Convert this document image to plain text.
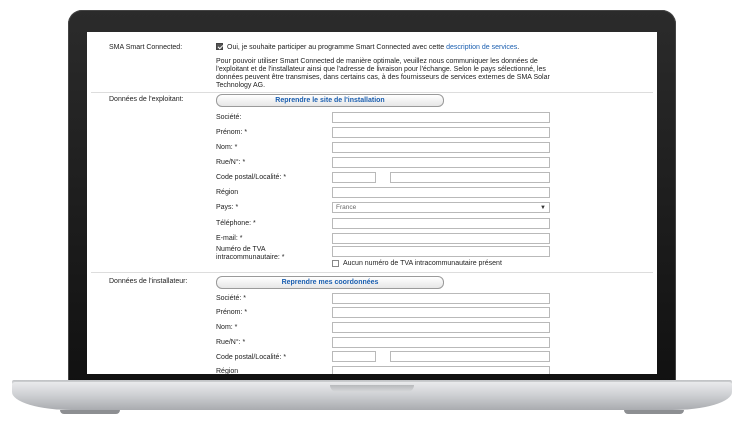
SMA Smart Connected:	Oui, je souhaite participer au programme Smart Connected avec cette description de services.
Pour pouvoir utiliser Smart Connected de manière optimale, veuillez nous communiquer les données de l'exploitant et de l'installateur ainsi que l'adresse de livraison pour l'échange. Selon le pays sélectionné, les données peuvent être transmises, dans certains cas, à des fournisseurs de services externes de SMA Solar Technology AG.
Données de l'exploitant:	Reprendre le site de l'installation
Société:
Prénom: *
Nom: *
Rue/N°: *
Code postal/Localité: *
Région
Pays: *	France	▼
Téléphone: *
E-mail: *
Numéro de TVA intracommunautaire: *
Aucun numéro de TVA intracommunautaire présent
Données de l'installateur:	Reprendre mes coordonnées
Société: *
Prénom: *
Nom: *
Rue/N°: *
Code postal/Localité: *
Région
